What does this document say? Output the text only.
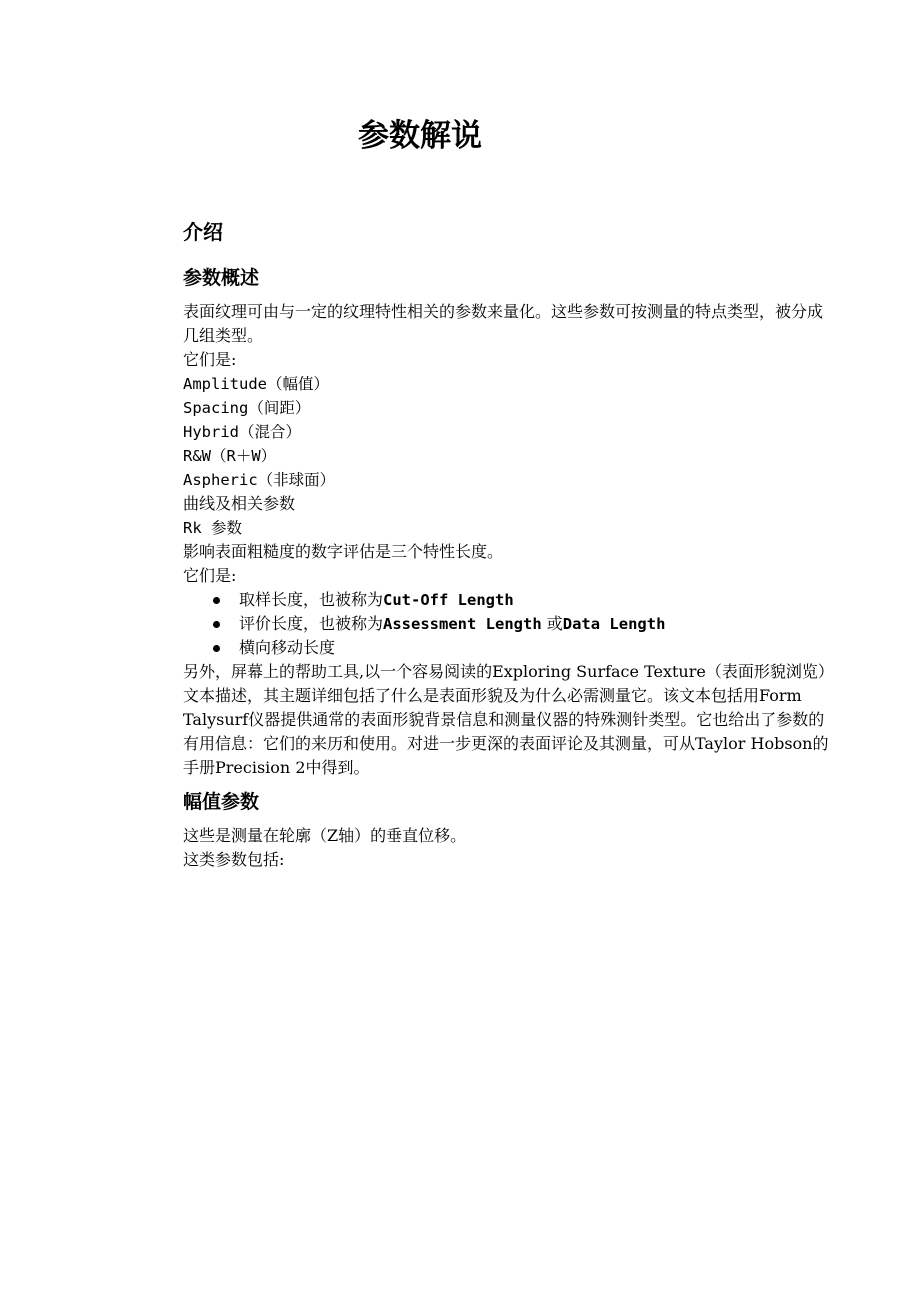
参数解说
介绍
参数概述

表面纹理可由与一定的纹理特性相关的参数来量化。这些参数可按测量的特点类型，被分成几组类型。

它们是:

Amplitude（幅值）

Spacing（间距）

Hybrid（混合）

R&W（R＋W）

Aspheric（非球面）

曲线及相关参数

Rk 参数

影响表面粗糙度的数字评估是三个特性长度。

它们是:

取样长度，也被称为Cut-Off Length
评价长度，也被称为Assessment Length 或Data Length
横向移动长度

另外，屏幕上的帮助工具,以一个容易阅读的Exploring Surface Texture（表面形貌浏览）文本描述，其主题详细包括了什么是表面形貌及为什么必需测量它。该文本包括用Form Talysurf仪器提供通常的表面形貌背景信息和测量仪器的特殊测针类型。它也给出了参数的有用信息：它们的来历和使用。对进一步更深的表面评论及其测量，可从Taylor Hobson的手册Precision 2中得到。

幅值参数

这些是测量在轮廓（Z轴）的垂直位移。

这类参数包括:
